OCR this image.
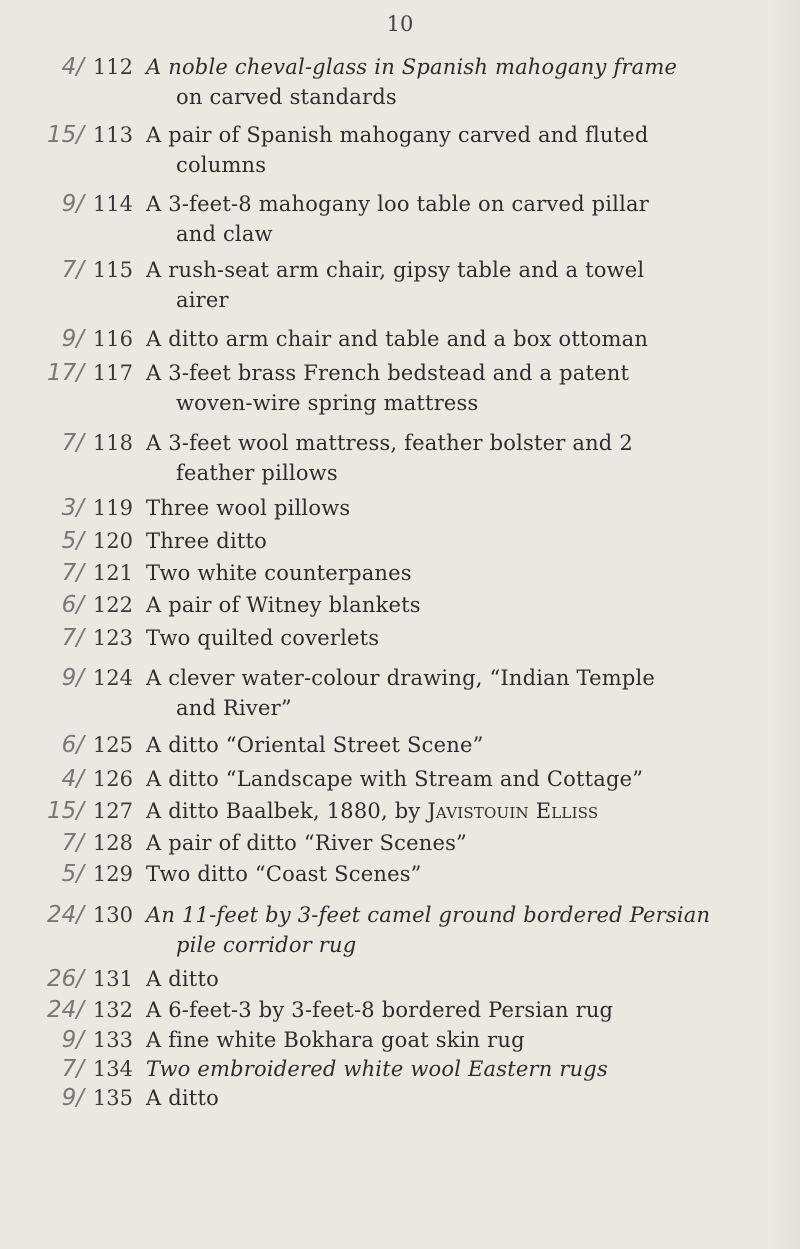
10
4/ 112 A noble cheval-glass in Spanish mahogany frame
on carved standards
15/ 113 A pair of Spanish mahogany carved and fluted
columns
9/ 114 A 3-feet-8 mahogany loo table on carved pillar
and claw
7/ 115 A rush-seat arm chair, gipsy table and a towel
airer
9/ 116 A ditto arm chair and table and a box ottoman
17/ 117 A 3-feet brass French bedstead and a patent
woven-wire spring mattress
7/ 118 A 3-feet wool mattress, feather bolster and 2
feather pillows
3/ 119 Three wool pillows
5/ 120 Three ditto
7/ 121 Two white counterpanes
6/ 122 A pair of Witney blankets
7/ 123 Two quilted coverlets
9/ 124 A clever water-colour drawing, “Indian Temple
and River”
6/ 125 A ditto “Oriental Street Scene”
4/ 126 A ditto “Landscape with Stream and Cottage”
15/ 127 A ditto Baalbek, 1880, by Javistouin Elliss
7/ 128 A pair of ditto “River Scenes”
5/ 129 Two ditto “Coast Scenes”
24/ 130 An 11-feet by 3-feet camel ground bordered Persian
pile corridor rug
26/ 131 A ditto
24/ 132 A 6-feet-3 by 3-feet-8 bordered Persian rug
9/ 133 A fine white Bokhara goat skin rug
7/ 134 Two embroidered white wool Eastern rugs
9/ 135 A ditto
